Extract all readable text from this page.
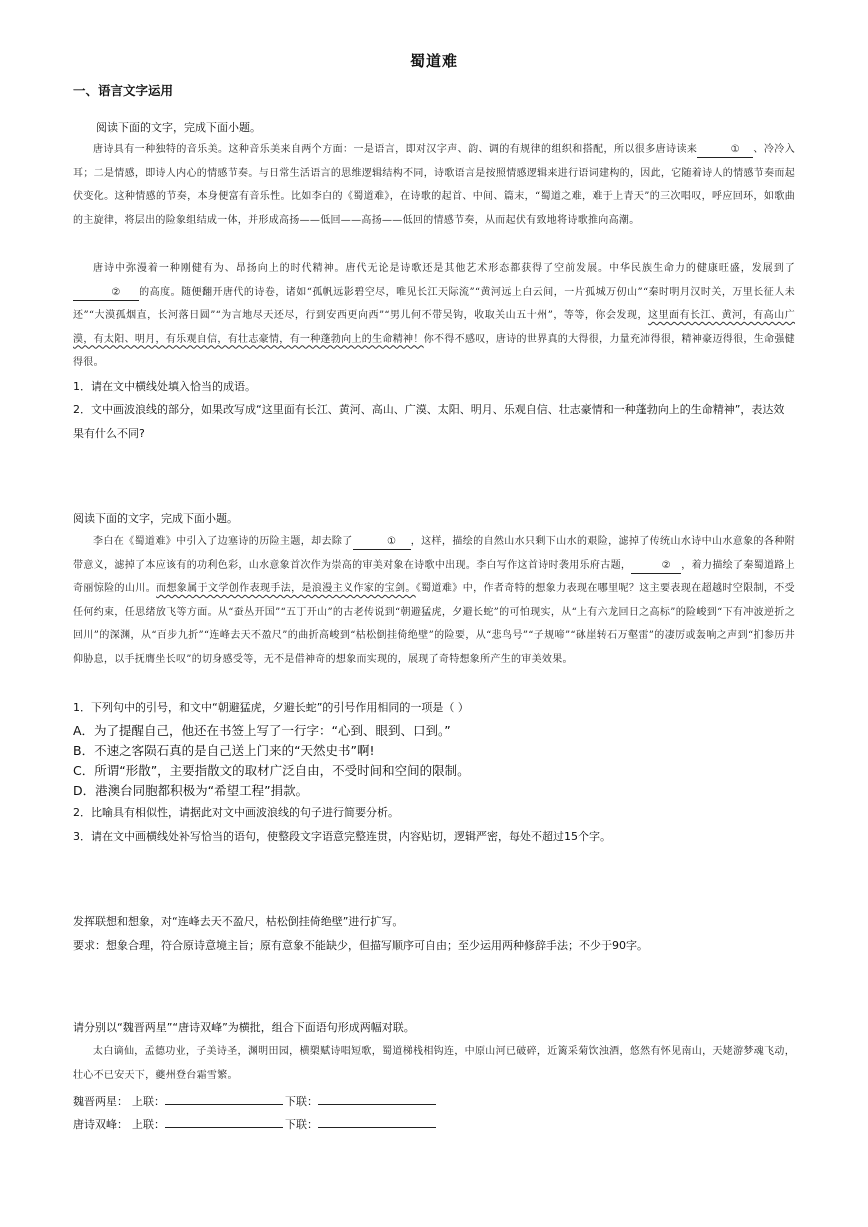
蜀道难
一、语言文字运用
阅读下面的文字，完成下面小题。
唐诗具有一种独特的音乐美。这种音乐美来自两个方面：一是语言，即对汉字声、韵、调的有规律的组织和搭配，所以很多唐诗读来	① 、冷冷入耳；二是情感，即诗人内心的情感节奏。与日常生活语言的思维逻辑结构不同，诗歌语言是按照情感逻辑来进行语词建构的，因此，它随着诗人的情感节奏而起伏变化。这种情感的节奏，本身便富有音乐性。比如李白的《蜀道难》，在诗歌的起首、中间、篇末，“蜀道之难，难于上青天”的三次唱叹，呼应回环，如歌曲的主旋律，将层出的险象组结成一体，并形成高扬——低回——高扬——低回的情感节奏，从而起伏有致地将诗歌推向高潮。
唐诗中弥漫着一种刚健有为、昂扬向上的时代精神。唐代无论是诗歌还是其他艺术形态都获得了空前发展。中华民族生命力的健康旺盛，发展到了② 的高度。随便翻开唐代的诗卷，诸如“孤帆远影碧空尽，唯见长江天际流”“黄河远上白云间，一片孤城万仞山”“秦时明月汉时关，万里长征人未还”“大漠孤烟直，长河落日圆”“为言地尽天还尽，行到安西更向西”“男儿何不带吴钩，收取关山五十州”，等等，你会发现，这里面有长江、黄河，有高山广漠，有太阳、明月，有乐观自信，有壮志豪情，有一种蓬勃向上的生命精神！你不得不感叹，唐诗的世界真的大得很，力量充沛得很，精神豪迈得很，生命强健得很。
1．请在文中横线处填入恰当的成语。
2．文中画波浪线的部分，如果改写成“这里面有长江、黄河、高山、广漠、太阳、明月、乐观自信、壮志豪情和一种蓬勃向上的生命精神”，表达效果有什么不同?
阅读下面的文字，完成下面小题。
李白在《蜀道难》中引入了边塞诗的历险主题，却去除了	① ，这样，描绘的自然山水只剩下山水的艰险，滤掉了传统山水诗中山水意象的各种附带意义，滤掉了本应该有的功利色彩，山水意象首次作为崇高的审美对象在诗歌中出现。李白写作这首诗时袭用乐府古题，	② ，着力描绘了秦蜀道路上奇丽惊险的山川。而想象属于文学创作表现手法，是浪漫主义作家的宝剑。《蜀道难》中，作者奇特的想象力表现在哪里呢？这主要表现在超越时空限制，不受任何约束，任思绪放飞等方面。从“蚕丛开国”“五丁开山”的古老传说到“朝避猛虎，夕避长蛇”的可怕现实，从“上有六龙回日之高标”的险峻到“下有冲波逆折之回川”的深渊，从“百步九折”“连峰去天不盈尺”的曲折高峻到“枯松倒挂倚绝壁”的险要，从“悲鸟号”“子规啼”“砯崖转石万壑雷”的凄厉或轰响之声到“扪参历井仰胁息，以手抚膺坐长叹”的切身感受等，无不是借神奇的想象而实现的，展现了奇特想象所产生的审美效果。
1．下列句中的引号，和文中“朝避猛虎，夕避长蛇”的引号作用相同的一项是（ ）
A．为了提醒自己，他还在书签上写了一行字：“心到、眼到、口到。”
B．不速之客陨石真的是自己送上门来的“天然史书”啊!
C．所谓“形散”，主要指散文的取材广泛自由，不受时间和空间的限制。
D．港澳台同胞都积极为“希望工程”捐款。
2．比喻具有相似性，请据此对文中画波浪线的句子进行简要分析。
3．请在文中画横线处补写恰当的语句，使整段文字语意完整连贯，内容贴切，逻辑严密，每处不超过15个字。
发挥联想和想象，对“连峰去天不盈尺，枯松倒挂倚绝壁”进行扩写。
要求：想象合理，符合原诗意境主旨；原有意象不能缺少，但描写顺序可自由；至少运用两种修辞手法；不少于90字。
请分别以“魏晋两星”“唐诗双峰”为横批，组合下面语句形成两幅对联。
太白谪仙，孟德功业，子美诗圣，渊明田园，横槊赋诗唱短歌，蜀道梯栈相钩连，中原山河已破碎，近篱采菊饮浊酒，悠然有怀见南山，天姥游梦魂飞动，壮心不已安天下，夔州登台霜雪繁。
魏晋两星： 上联：	下联：
唐诗双峰： 上联：	下联：
